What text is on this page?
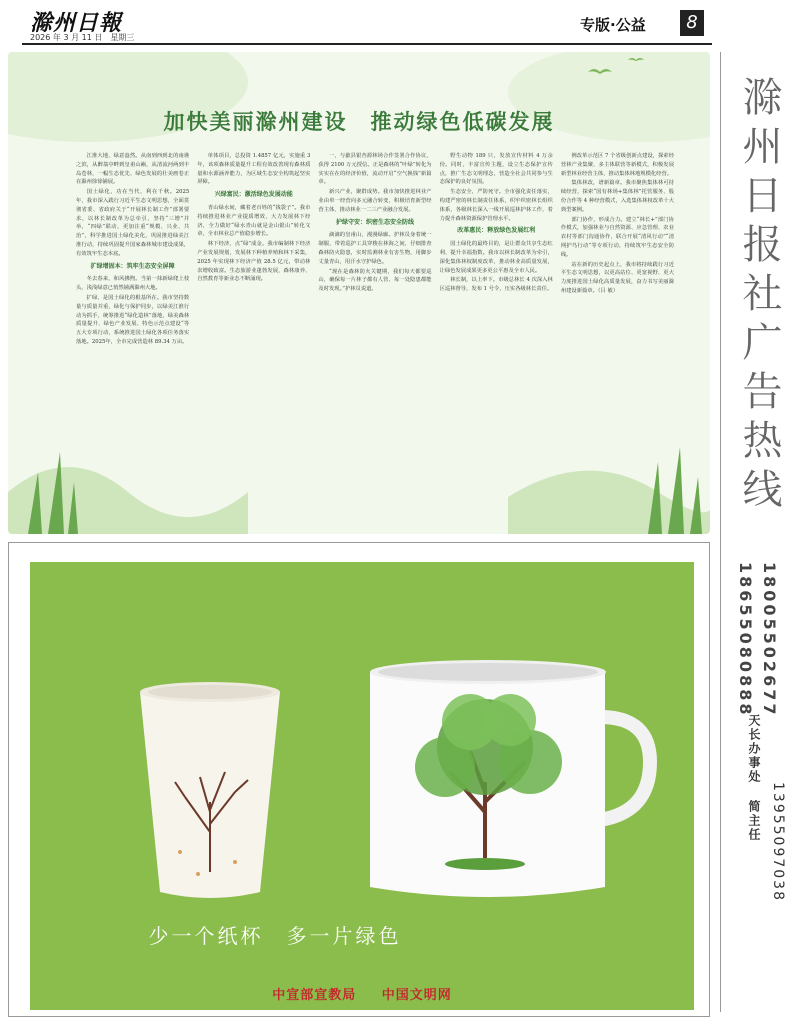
滁州日報
2026 年 3 月 11 日　星期三
专版·公益	8
加快美丽滁州建设　推动绿色低碳发展

江淮大地，绿意盎然。从南到西到北的南谯之滨，从醉翁亭畔到皇甫山巅，从清流河两到丰岛苍林，一幅生态优先、绿色发展的壮美画卷正在滁州徐徐铺展。

国土绿化，功在当代，利在千秋。2025年，我市深入践行习近平生态文明思想，全面贯彻省委、省政府关于“开展林长制工作”部署要求，以林长制改革为总牵引，坚持“三增”并举，“四绿”联动，更加注重“规模、兴业、共治”，科学推进国土绿化美化，巩固推进绿美江淮行动，持续巩固提升国家森林城市建设成果，有效筑牢生态本底。

扩绿增固本：筑牢生态安全屏障

冬去春来，和风拂煦。当第一抹新绿爬上枝头，浅浅绿意已悄然铺满滁州大地。

扩绿，是国土绿化的根基所在。我市坚持数量与质量并重，绿化与保护同步，以绿美江淮行动为抓手，统筹推进“绿化造林”落地，绿美森林质量提升、绿色产业发展、特色示范点建设“等五大专项行动，系统推进国土绿化各项任务落实落地。2025年，全市完成营造林 89.34 万亩。

单体项目，总投资 1.4857 亿元，实施重 3 年，该项森林质量提升工程有效改善现有森林质量和水源涵养能力，为区域生态安全构筑起坚实屏障。

兴绿富民：激活绿色发展动能

青山绿水间，藏着老百姓的“钱袋子”。我市持续推进林业产业提质增效，大力发展林下经济，全力做好“绿水青山就是金山银山”转化文章，全市林业总产值稳步增长。

林下经济，点“绿”成金。我市编制林下经济产业发展规划，发展林下种植养殖和林下采集，2025 年实现林下经济产值 28.5 亿元，带动林农增收致富。生态旅游业蓬勃发展，森林康养、自然教育等新业态不断涌现。

一，与歙县银杏源林场合作签署合作协议，获得 2100 万元授信。正是森林的“叶绿”转化为实实在在的经济价值，流动开启“空气换钱”新篇章。

新兴产业，聚群成势。我市加快推进林业产业由单一经营向多元融合转变，积极培育新型经营主体，推动林业一二三产业融合发展。

护绿守安：织密生态安全防线

滴滴的皇甫山，漫漫绿廊。护林员身着统一制服，带着巡护工具穿梭在林海之间，仔细排查森林防火隐患，实时监测林业有害生物，用脚步丈量青山，用汗水守护绿色。

“现在是森林防火关键期，我们每天都要巡山，确保每一片林子都有人管、每一处隐患都能及时发现。”护林员说道。

野生动物 189 只，发放宣传材料 4 万余份。同时，丰富宣传主题，设立生态保护宣传点，推广生态文明理念，营造全社会共同参与生态保护的良好氛围。

生态安全，严防死守。全市强化责任落实，构建严密的林长制责任体系，织牢织密林长组织体系，各级林长深入一线开展巡林护林工作，着力提升森林资源保护管理水平。

改革惠民：释放绿色发展红利

国土绿化的最终目的，是让群众共享生态红利、提升幸福指数。我市以林长制改革为牵引，深化集体林权制度改革，推动林业高质量发展，让绿色发展成果更多更公平惠及全市人民。

林长制，以上率下。市级总林长 4 次深入林区巡林督导，发布 1 号令，压实各级林长责任。

例改革示范区 7 个省级创新点建设，探索经营林产业集聚、多主体联营等新模式，积极发展新型林业经营主体，推动集体林地规模化经营。

集体林改，谱新篇章。我市聚焦集体林可持续经营，探索“国有林场+集体林”托管服务、股份合作等 4 种经营模式，入选集体林权改革十大典型案例。

部门协作，形成合力。建立“林长+”部门协作模式，加强林业与自然资源、应急管理、农业农村等部门沟通协作，联合开展“清风行动”“清网护鸟行动”等专项行动，持续筑牢生态安全防线。

站在新的历史起点上，我市将持续践行习近平生态文明思想，以更高站位、更宽视野、更大力度推进国土绿化高质量发展，奋力书写美丽滁州建设新篇章。（吕 敏）	滁州日报社广告热线
18655080888 18005502677
天长办事处 简主任 13955097038
少一个纸杯　多一片绿色
中宣部宣教局 中国文明网
